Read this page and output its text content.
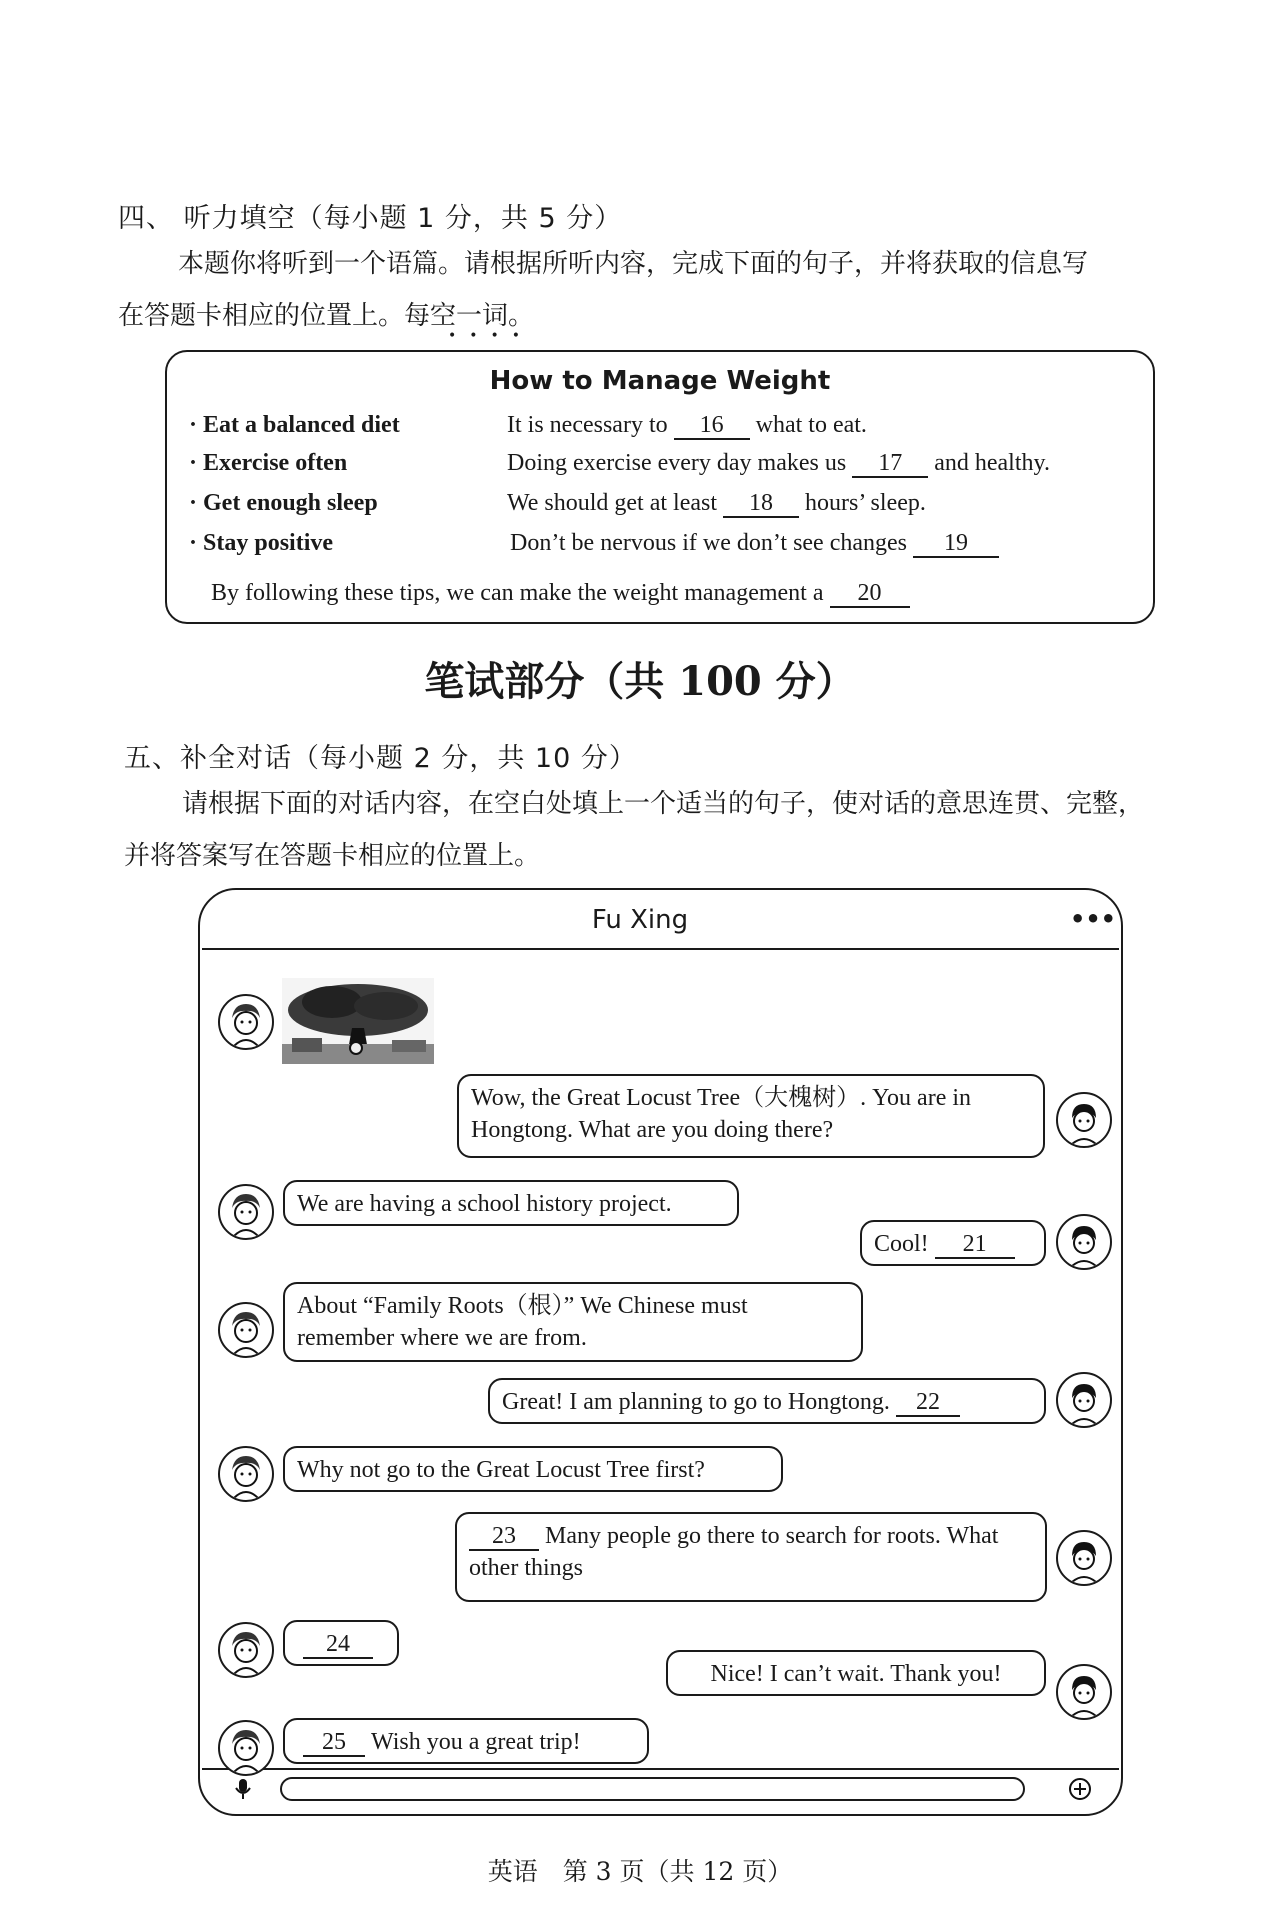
四、 听力填空（每小题 1 分，共 5 分）
本题你将听到一个语篇。请根据所听内容，完成下面的句子，并将获取的信息写
在答题卡相应的位置上。每空一词。
••••
How to Manage Weight
· Eat a balanced diet	It is necessary to 16 what to eat.
· Exercise often	Doing exercise every day makes us 17 and healthy.
· Get enough sleep	We should get at least 18 hours’ sleep.
· Stay positive	Don’t be nervous if we don’t see changes 19
By following these tips, we can make the weight management a 20
笔试部分（共 100 分）
五、补全对话（每小题 2 分，共 10 分）
请根据下面的对话内容，在空白处填上一个适当的句子，使对话的意思连贯、完整，
并将答案写在答题卡相应的位置上。
Fu Xing	•••
Wow, the Great Locust Tree（大槐树）. You are in Hongtong. What are you doing there?
We are having a school history project.
Cool! 21
About “Family Roots（根）” We Chinese must remember where we are from.
Great! I am planning to go to Hongtong. 22
Why not go to the Great Locust Tree first?
23 Many people go there to search for roots. What other things
24
Nice! I can’t wait. Thank you!
25 Wish you a great trip!
英语　第 3 页（共 12 页）
